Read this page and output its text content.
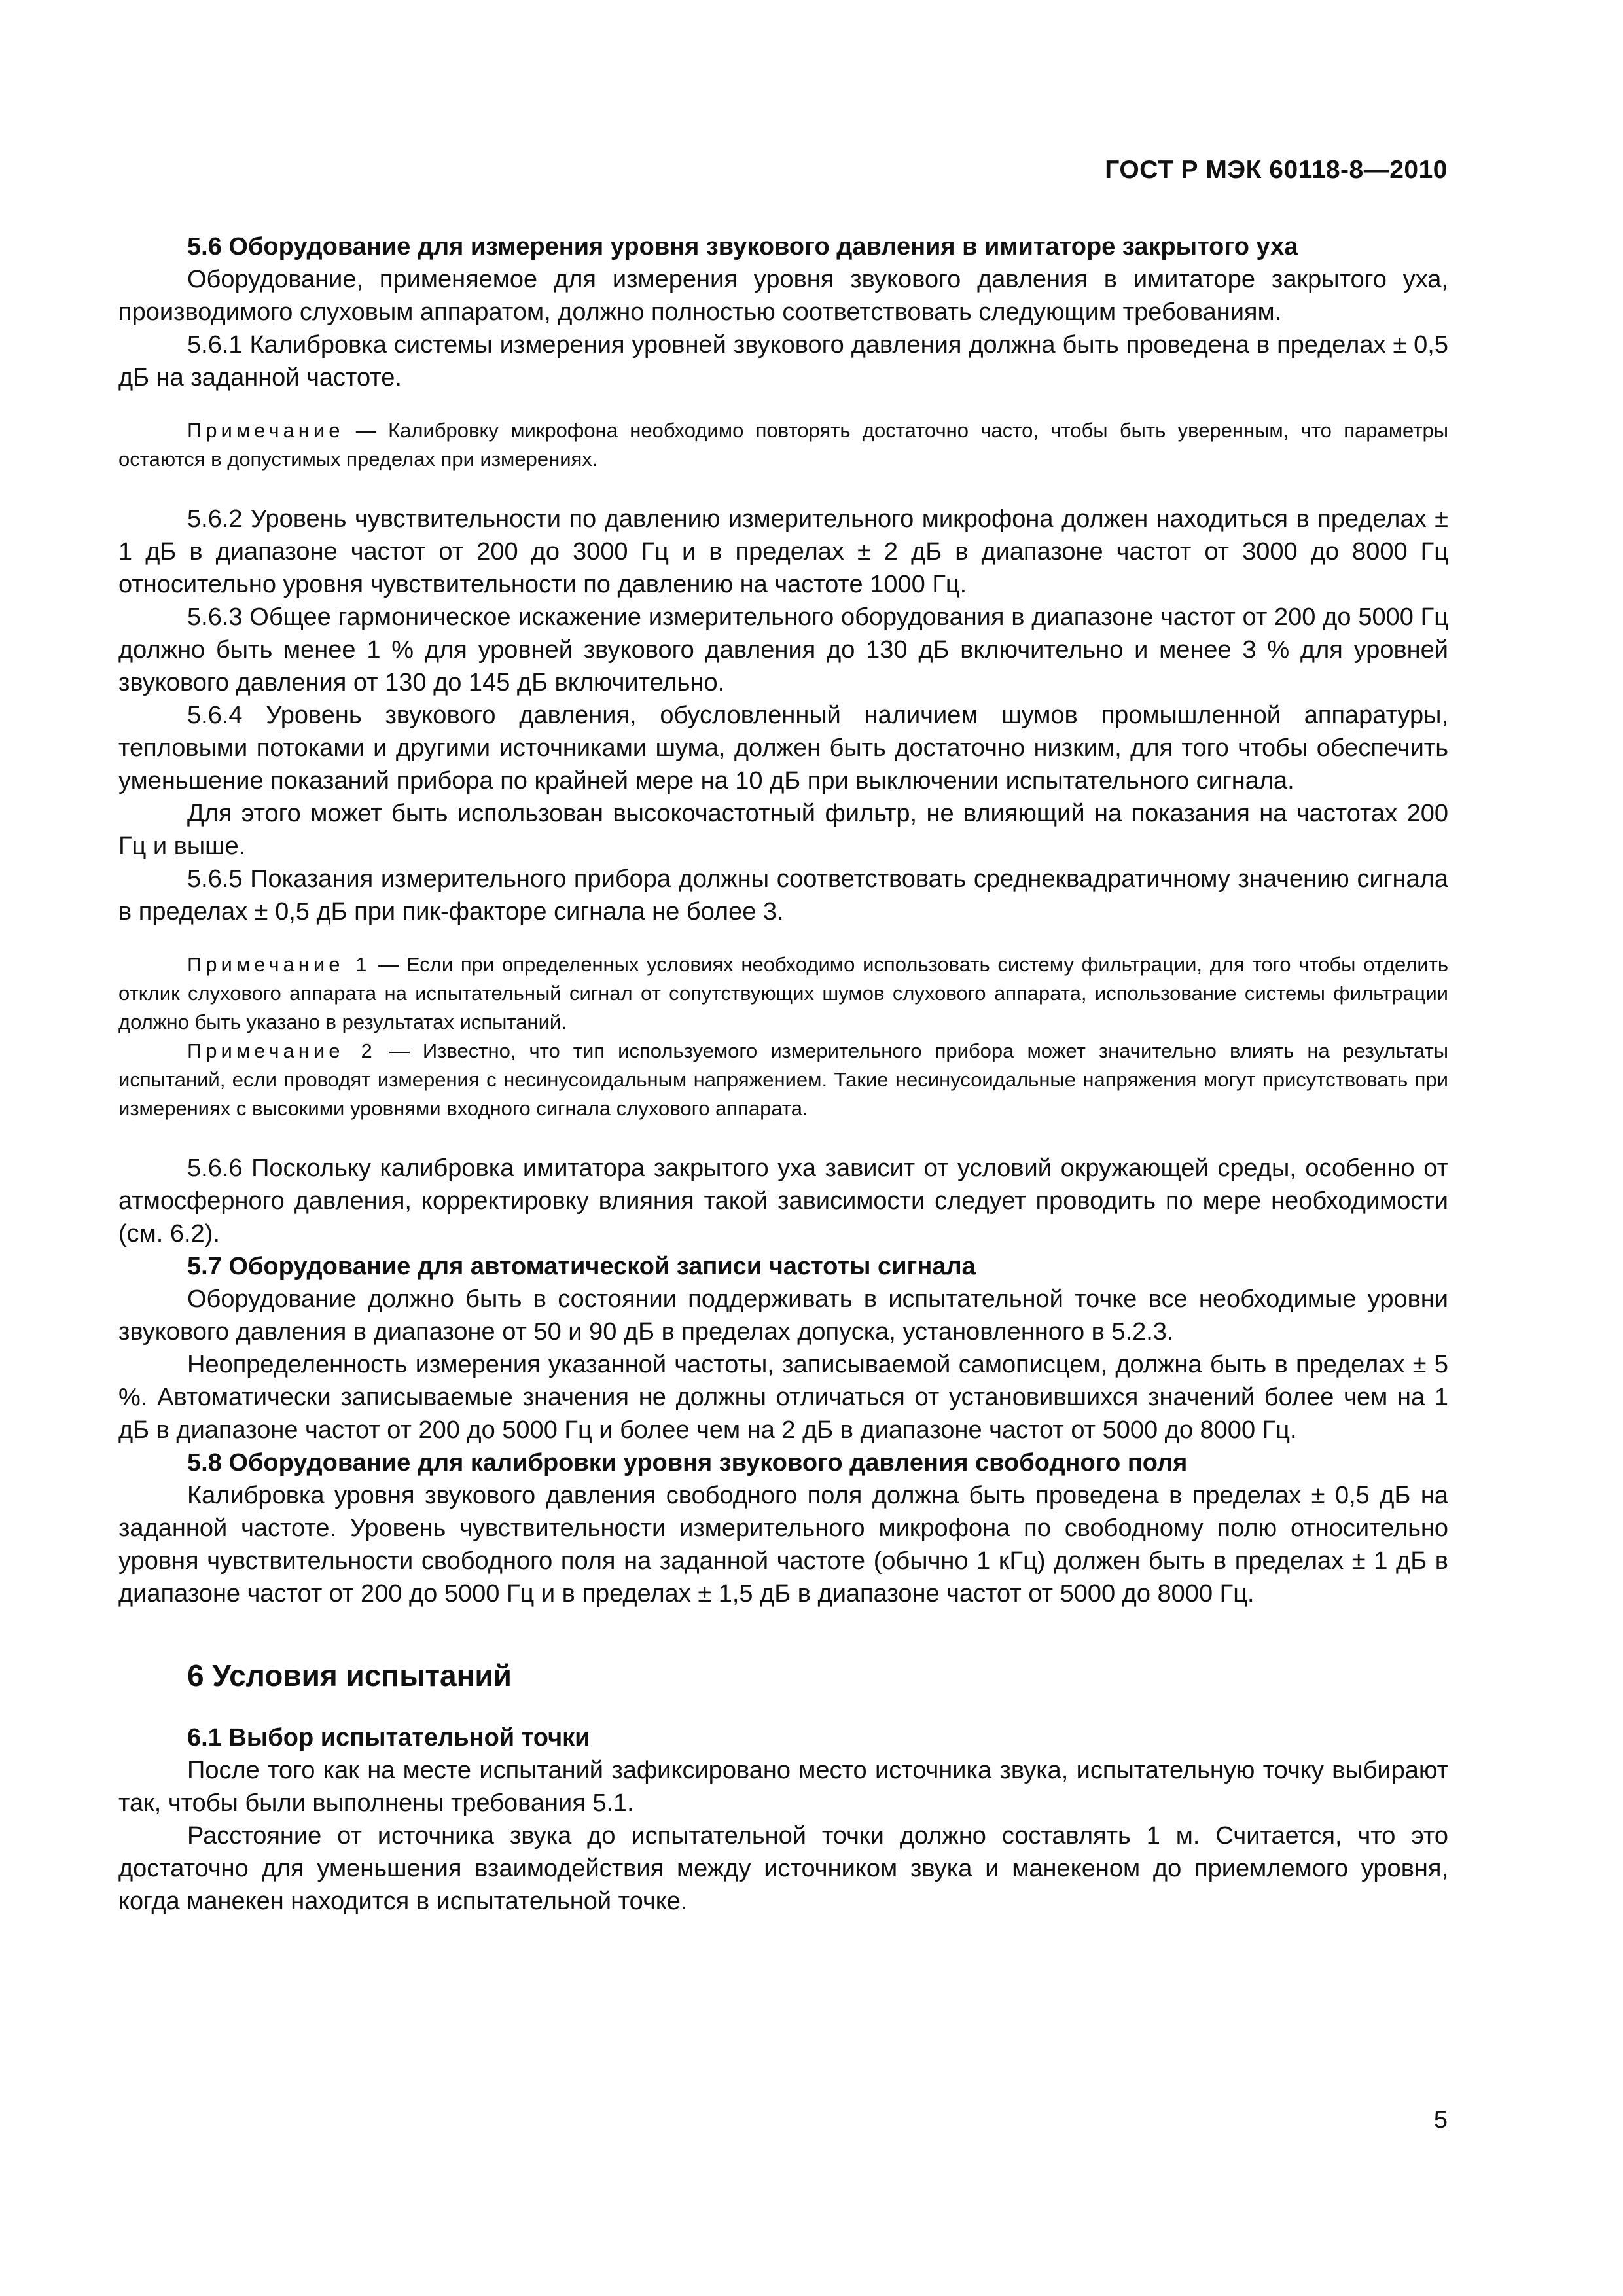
ГОСТ Р МЭК 60118-8—2010

5.6 Оборудование для измерения уровня звукового давления в имитаторе закрытого уха

Оборудование, применяемое для измерения уровня звукового давления в имитаторе закрытого уха, производимого слуховым аппаратом, должно полностью соответствовать следующим требованиям.

5.6.1 Калибровка системы измерения уровней звукового давления должна быть проведена в пределах ± 0,5 дБ на заданной частоте.

Примечание — Калибровку микрофона необходимо повторять достаточно часто, чтобы быть уверенным, что параметры остаются в допустимых пределах при измерениях.

5.6.2 Уровень чувствительности по давлению измерительного микрофона должен находиться в пределах ± 1 дБ в диапазоне частот от 200 до 3000 Гц и в пределах ± 2 дБ в диапазоне частот от 3000 до 8000 Гц относительно уровня чувствительности по давлению на частоте 1000 Гц.

5.6.3 Общее гармоническое искажение измерительного оборудования в диапазоне частот от 200 до 5000 Гц должно быть менее 1 % для уровней звукового давления до 130 дБ включительно и менее 3 % для уровней звукового давления от 130 до 145 дБ включительно.

5.6.4 Уровень звукового давления, обусловленный наличием шумов промышленной аппаратуры, тепловыми потоками и другими источниками шума, должен быть достаточно низким, для того чтобы обеспечить уменьшение показаний прибора по крайней мере на 10 дБ при выключении испытательного сигнала.

Для этого может быть использован высокочастотный фильтр, не влияющий на показания на частотах 200 Гц и выше.

5.6.5 Показания измерительного прибора должны соответствовать среднеквадратичному значению сигнала в пределах ± 0,5 дБ при пик-факторе сигнала не более 3.

Примечание 1 — Если при определенных условиях необходимо использовать систему фильтрации, для того чтобы отделить отклик слухового аппарата на испытательный сигнал от сопутствующих шумов слухового аппарата, использование системы фильтрации должно быть указано в результатах испытаний.

Примечание 2 — Известно, что тип используемого измерительного прибора может значительно влиять на результаты испытаний, если проводят измерения с несинусоидальным напряжением. Такие несинусоидальные напряжения могут присутствовать при измерениях с высокими уровнями входного сигнала слухового аппарата.

5.6.6 Поскольку калибровка имитатора закрытого уха зависит от условий окружающей среды, особенно от атмосферного давления, корректировку влияния такой зависимости следует проводить по мере необходимости (см. 6.2).

5.7 Оборудование для автоматической записи частоты сигнала

Оборудование должно быть в состоянии поддерживать в испытательной точке все необходимые уровни звукового давления в диапазоне от 50 и 90 дБ в пределах допуска, установленного в 5.2.3.

Неопределенность измерения указанной частоты, записываемой самописцем, должна быть в пределах ± 5 %. Автоматически записываемые значения не должны отличаться от установившихся значений более чем на 1 дБ в диапазоне частот от 200 до 5000 Гц и более чем на 2 дБ в диапазоне частот от 5000 до 8000 Гц.

5.8 Оборудование для калибровки уровня звукового давления свободного поля

Калибровка уровня звукового давления свободного поля должна быть проведена в пределах ± 0,5 дБ на заданной частоте. Уровень чувствительности измерительного микрофона по свободному полю относительно уровня чувствительности свободного поля на заданной частоте (обычно 1 кГц) должен быть в пределах ± 1 дБ в диапазоне частот от 200 до 5000 Гц и в пределах ± 1,5 дБ в диапазоне частот от 5000 до 8000 Гц.

6 Условия испытаний

6.1 Выбор испытательной точки

После того как на месте испытаний зафиксировано место источника звука, испытательную точку выбирают так, чтобы были выполнены требования 5.1.

Расстояние от источника звука до испытательной точки должно составлять 1 м. Считается, что это достаточно для уменьшения взаимодействия между источником звука и манекеном до приемлемого уровня, когда манекен находится в испытательной точке.

5
